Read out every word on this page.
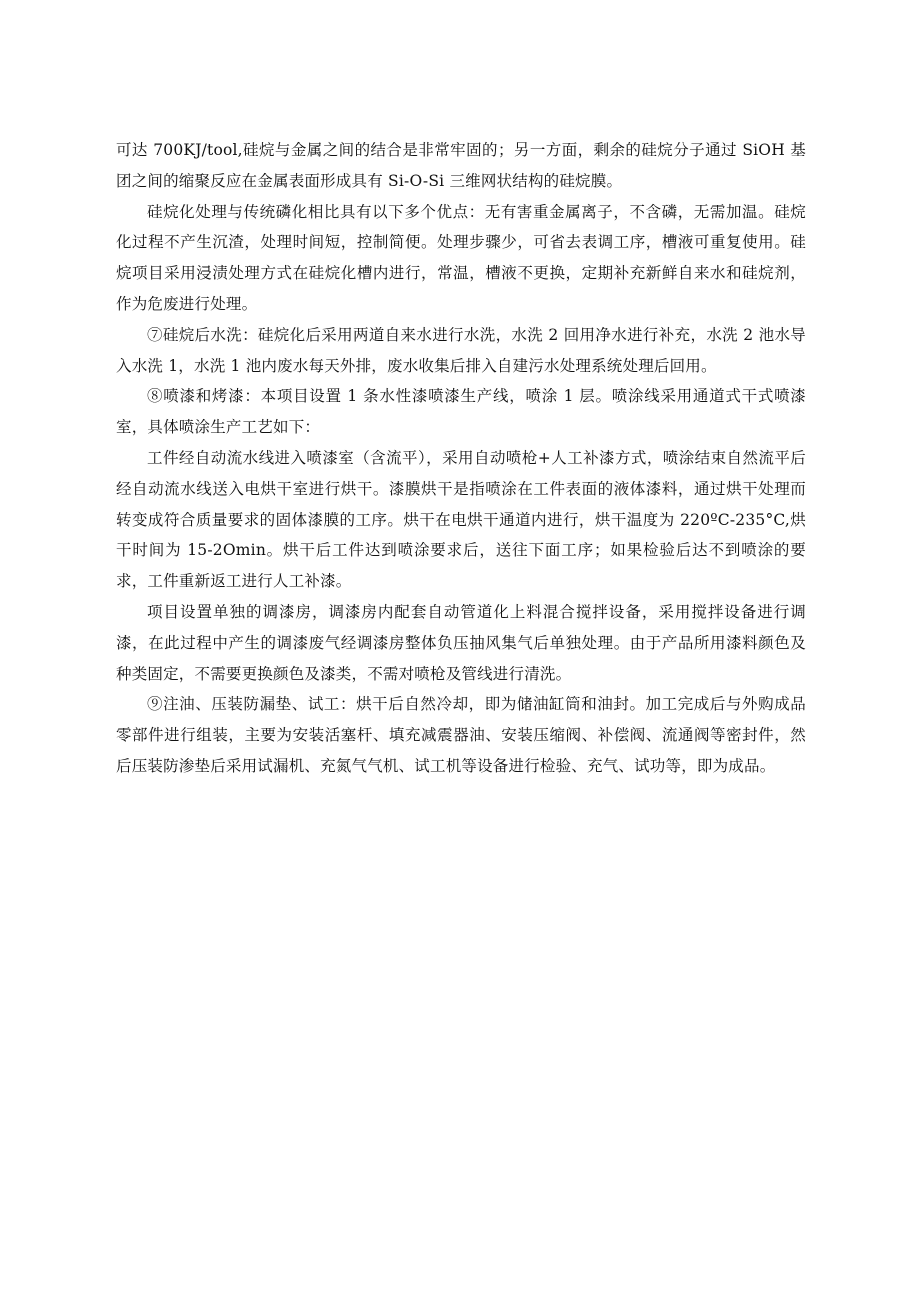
可达 700KJ/tool,硅烷与金属之间的结合是非常牢固的；另一方面，剩余的硅烷分子通过 SiOH 基团之间的缩聚反应在金属表面形成具有 Si-O-Si 三维网状结构的硅烷膜。

硅烷化处理与传统磷化相比具有以下多个优点：无有害重金属离子，不含磷，无需加温。硅烷化过程不产生沉渣，处理时间短，控制简便。处理步骤少，可省去表调工序，槽液可重复使用。硅烷项目采用浸渍处理方式在硅烷化槽内进行，常温，槽液不更换，定期补充新鲜自来水和硅烷剂，作为危废进行处理。

⑦硅烷后水洗：硅烷化后采用两道自来水进行水洗，水洗 2 回用净水进行补充，水洗 2 池水导入水洗 1，水洗 1 池内废水每天外排，废水收集后排入自建污水处理系统处理后回用。

⑧喷漆和烤漆：本项目设置 1 条水性漆喷漆生产线，喷涂 1 层。喷涂线采用通道式干式喷漆室，具体喷涂生产工艺如下：

工件经自动流水线进入喷漆室（含流平），采用自动喷枪+人工补漆方式，喷涂结束自然流平后经自动流水线送入电烘干室进行烘干。漆膜烘干是指喷涂在工件表面的液体漆料，通过烘干处理而转变成符合质量要求的固体漆膜的工序。烘干在电烘干通道内进行，烘干温度为 220ºC-235°C,烘干时间为 15-2Omin。烘干后工件达到喷涂要求后，送往下面工序；如果检验后达不到喷涂的要求，工件重新返工进行人工补漆。

项目设置单独的调漆房，调漆房内配套自动管道化上料混合搅拌设备，采用搅拌设备进行调漆，在此过程中产生的调漆废气经调漆房整体负压抽风集气后单独处理。由于产品所用漆料颜色及种类固定，不需要更换颜色及漆类，不需对喷枪及管线进行清洗。

⑨注油、压装防漏垫、试工：烘干后自然冷却，即为储油缸筒和油封。加工完成后与外购成品零部件进行组装，主要为安装活塞杆、填充减震器油、安装压缩阀、补偿阀、流通阀等密封件，然后压装防渗垫后采用试漏机、充氮气气机、试工机等设备进行检验、充气、试功等，即为成品。
